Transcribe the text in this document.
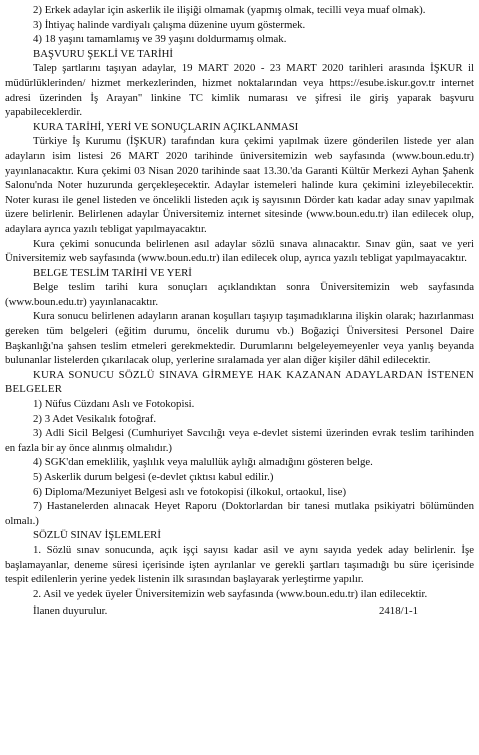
2) Erkek adaylar için askerlik ile ilişiği olmamak (yapmış olmak, tecilli veya muaf olmak).

3) İhtiyaç halinde vardiyalı çalışma düzenine uyum göstermek.

4) 18 yaşını tamamlamış ve 39 yaşını doldurmamış olmak.

BAŞVURU ŞEKLİ VE TARİHİ

Talep şartlarını taşıyan adaylar, 19 MART 2020 - 23 MART 2020 tarihleri arasında İŞKUR il müdürlüklerinden/ hizmet merkezlerinden, hizmet noktalarından veya https://esube.iskur.gov.tr internet adresi üzerinden İş Arayan" linkine TC kimlik numarası ve şifresi ile giriş yaparak başvuru yapabileceklerdir.

KURA TARİHİ, YERİ VE SONUÇLARIN AÇIKLANMASI

Türkiye İş Kurumu (İŞKUR) tarafından kura çekimi yapılmak üzere gönderilen listede yer alan adayların isim listesi 26 MART 2020 tarihinde üniversitemizin web sayfasında (www.boun.edu.tr) yayınlanacaktır. Kura çekimi 03 Nisan 2020 tarihinde saat 13.30.'da Garanti Kültür Merkezi Ayhan Şahenk Salonu'nda Noter huzurunda gerçekleşecektir. Adaylar istemeleri halinde kura çekimini izleyebilecektir. Noter kurası ile genel listeden ve öncelikli listeden açık iş sayısının Dörder katı kadar aday sınav yapılmak üzere belirlenir. Belirlenen adaylar Üniversitemiz internet sitesinde (www.boun.edu.tr) ilan edilecek olup, adaylara ayrıca yazılı tebligat yapılmayacaktır.

Kura çekimi sonucunda belirlenen asıl adaylar sözlü sınava alınacaktır. Sınav gün, saat ve yeri Üniversitemiz web sayfasında (www.boun.edu.tr) ilan edilecek olup, ayrıca yazılı tebligat yapılmayacaktır.

BELGE TESLİM TARİHİ VE YERİ

Belge teslim tarihi kura sonuçları açıklandıktan sonra Üniversitemizin web sayfasında (www.boun.edu.tr) yayınlanacaktır.

Kura sonucu belirlenen adayların aranan koşulları taşıyıp taşımadıklarına ilişkin olarak; hazırlanması gereken tüm belgeleri (eğitim durumu, öncelik durumu vb.) Boğaziçi Üniversitesi Personel Daire Başkanlığı'na şahsen teslim etmeleri gerekmektedir. Durumlarını belgeleyemeyenler veya yanlış beyanda bulunanlar listelerden çıkarılacak olup, yerlerine sıralamada yer alan diğer kişiler dâhil edilecektir.

KURA SONUCU SÖZLÜ SINAVA GİRMEYE HAK KAZANAN ADAYLARDAN İSTENEN BELGELER

1) Nüfus Cüzdanı Aslı ve Fotokopisi.

2) 3 Adet Vesikalık fotoğraf.

3) Adli Sicil Belgesi (Cumhuriyet Savcılığı veya e-devlet sistemi üzerinden evrak teslim tarihinden en fazla bir ay önce alınmış olmalıdır.)

4) SGK'dan emeklilik, yaşlılık veya malullük aylığı almadığını gösteren belge.

5) Askerlik durum belgesi (e-devlet çıktısı kabul edilir.)

6) Diploma/Mezuniyet Belgesi aslı ve fotokopisi (ilkokul, ortaokul, lise)

7) Hastanelerden alınacak Heyet Raporu (Doktorlardan bir tanesi mutlaka psikiyatri bölümünden olmalı.)

SÖZLÜ SINAV İŞLEMLERİ

1. Sözlü sınav sonucunda, açık işçi sayısı kadar asil ve aynı sayıda yedek aday belirlenir. İşe başlamayanlar, deneme süresi içerisinde işten ayrılanlar ve gerekli şartları taşımadığı bu süre içerisinde tespit edilenlerin yerine yedek listenin ilk sırasından başlayarak yerleştirme yapılır.

2. Asil ve yedek üyeler Üniversitemizin web sayfasında (www.boun.edu.tr) ilan edilecektir.

İlanen duyurulur.	2418/1-1
